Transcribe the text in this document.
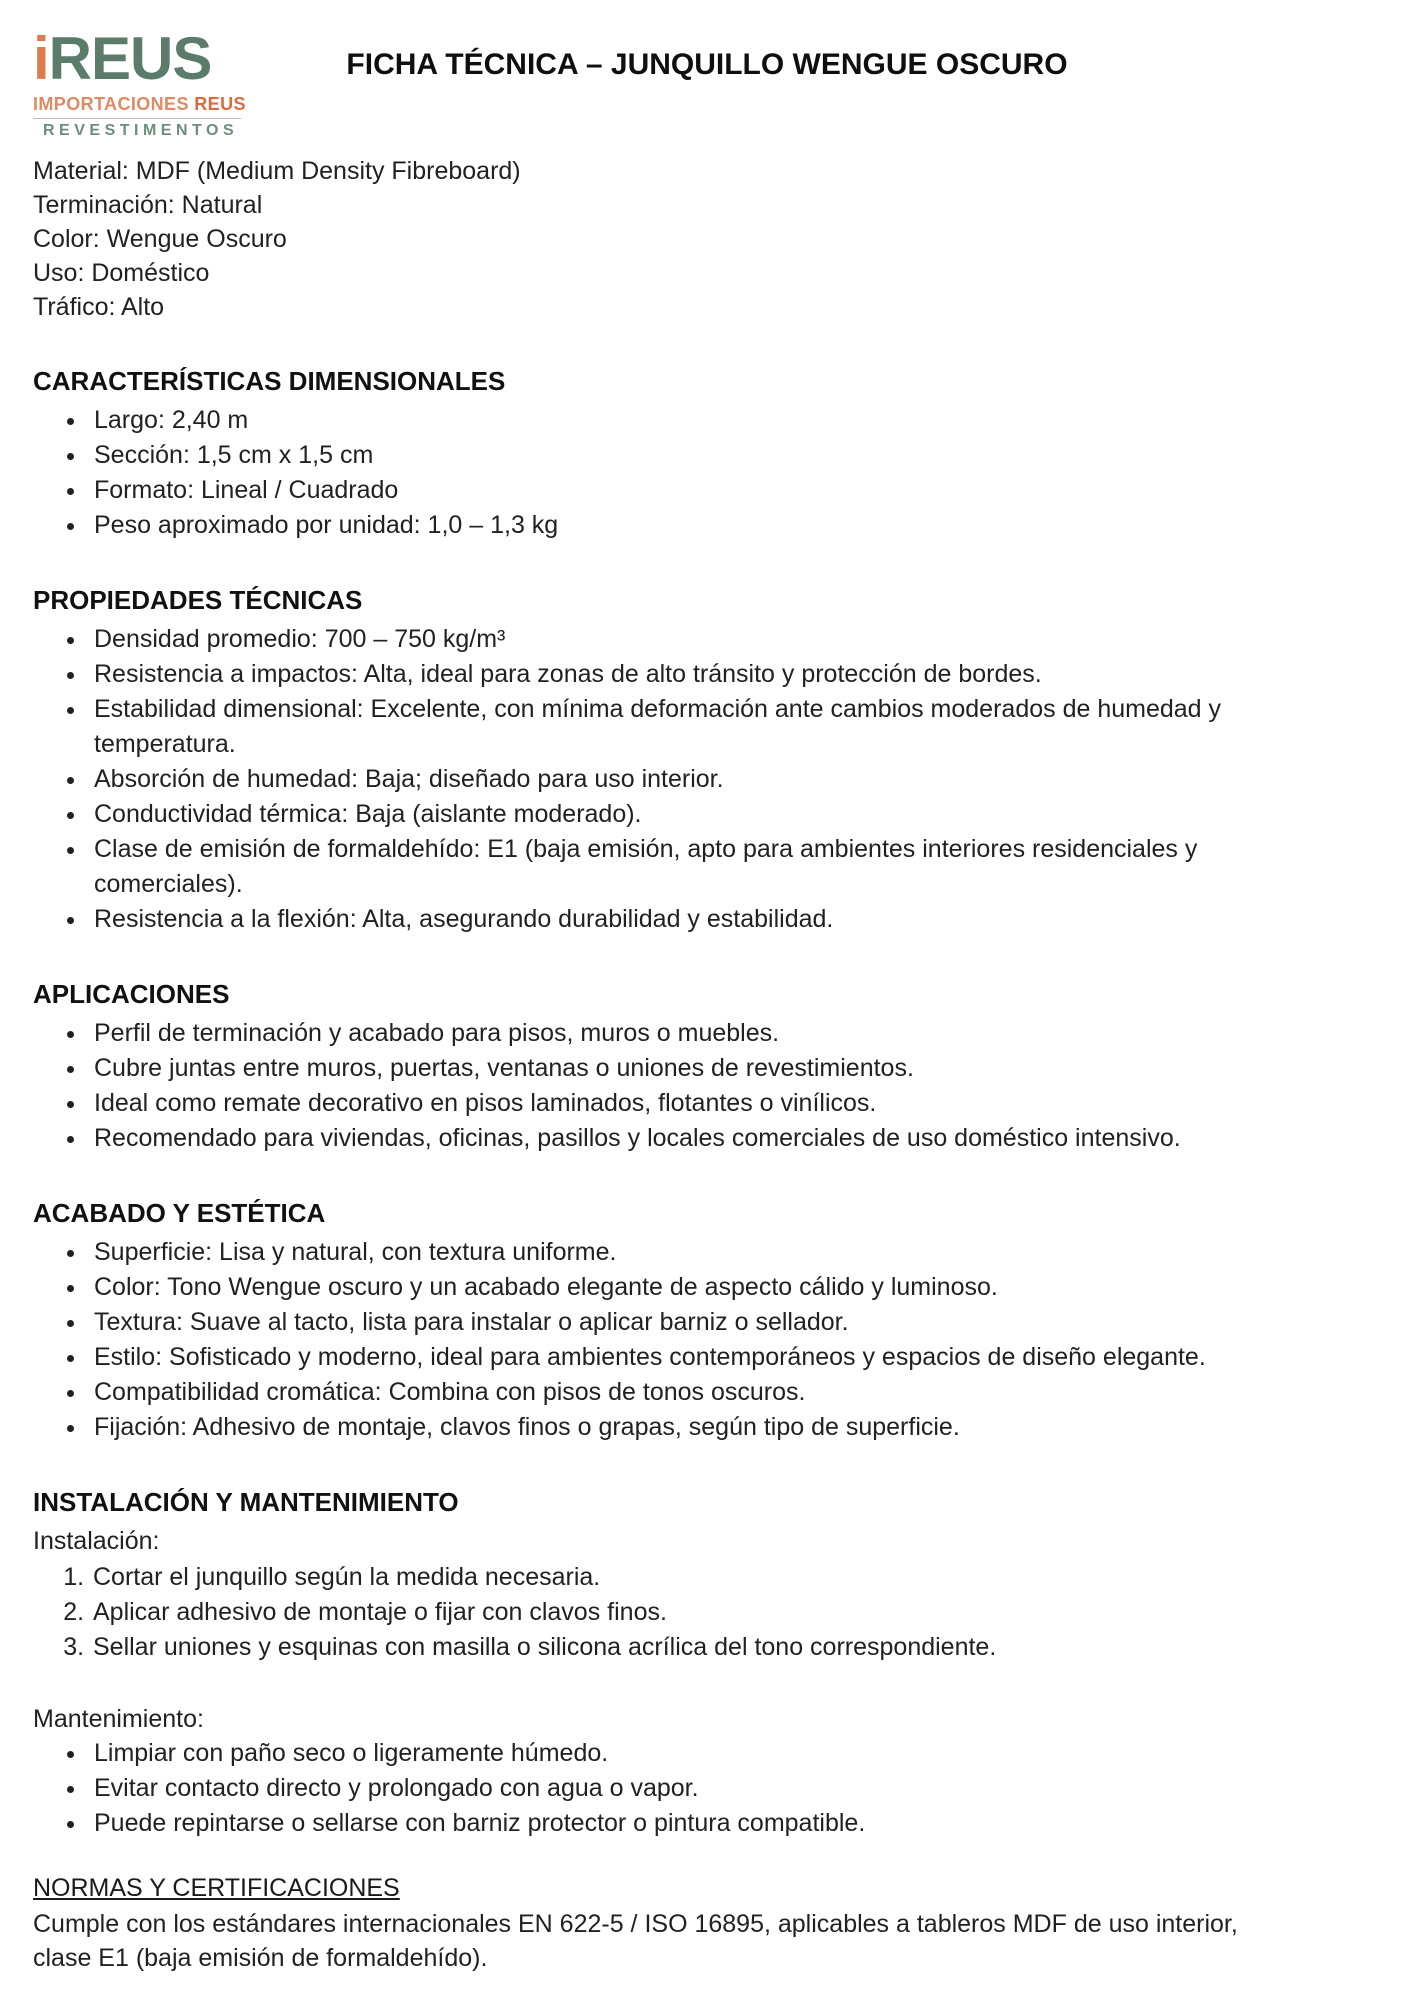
iREUS
IMPORTACIONES REUS
REVESTIMENTOS
FICHA TÉCNICA – JUNQUILLO WENGUE OSCURO
Material: MDF (Medium Density Fibreboard)
Terminación: Natural
Color: Wengue Oscuro
Uso: Doméstico
Tráfico: Alto
CARACTERÍSTICAS DIMENSIONALES
• Largo: 2,40 m
• Sección: 1,5 cm x 1,5 cm
• Formato: Lineal / Cuadrado
• Peso aproximado por unidad: 1,0 – 1,3 kg
PROPIEDADES TÉCNICAS
• Densidad promedio: 700 – 750 kg/m³
• Resistencia a impactos: Alta, ideal para zonas de alto tránsito y protección de bordes.
• Estabilidad dimensional: Excelente, con mínima deformación ante cambios moderados de humedad y temperatura.
• Absorción de humedad: Baja; diseñado para uso interior.
• Conductividad térmica: Baja (aislante moderado).
• Clase de emisión de formaldehído: E1 (baja emisión, apto para ambientes interiores residenciales y comerciales).
• Resistencia a la flexión: Alta, asegurando durabilidad y estabilidad.
APLICACIONES
• Perfil de terminación y acabado para pisos, muros o muebles.
• Cubre juntas entre muros, puertas, ventanas o uniones de revestimientos.
• Ideal como remate decorativo en pisos laminados, flotantes o vinílicos.
• Recomendado para viviendas, oficinas, pasillos y locales comerciales de uso doméstico intensivo.
ACABADO Y ESTÉTICA
• Superficie: Lisa y natural, con textura uniforme.
• Color: Tono Wengue oscuro y un acabado elegante de aspecto cálido y luminoso.
• Textura: Suave al tacto, lista para instalar o aplicar barniz o sellador.
• Estilo: Sofisticado y moderno, ideal para ambientes contemporáneos y espacios de diseño elegante.
• Compatibilidad cromática: Combina con pisos de tonos oscuros.
• Fijación: Adhesivo de montaje, clavos finos o grapas, según tipo de superficie.
INSTALACIÓN Y MANTENIMIENTO

Instalación:

1. Cortar el junquillo según la medida necesaria.
2. Aplicar adhesivo de montaje o fijar con clavos finos.
3. Sellar uniones y esquinas con masilla o silicona acrílica del tono correspondiente.

Mantenimiento:

• Limpiar con paño seco o ligeramente húmedo.
• Evitar contacto directo y prolongado con agua o vapor.
• Puede repintarse o sellarse con barniz protector o pintura compatible.
NORMAS Y CERTIFICACIONES

Cumple con los estándares internacionales EN 622-5 / ISO 16895, aplicables a tableros MDF de uso interior, clase E1 (baja emisión de formaldehído).
